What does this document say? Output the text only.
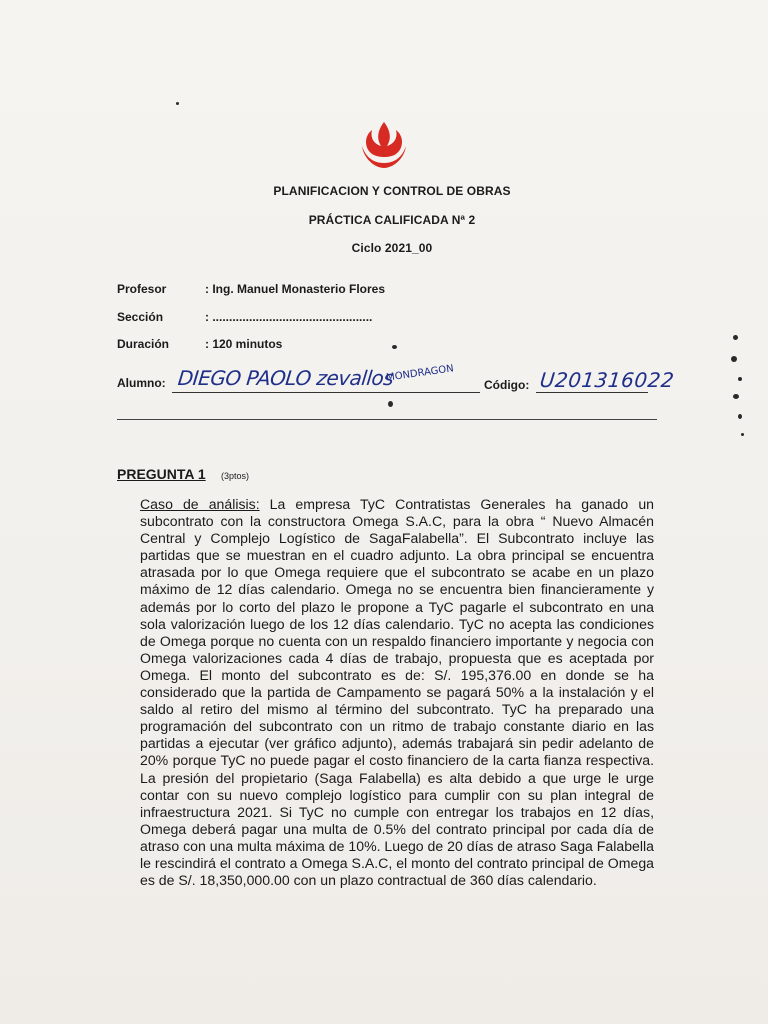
PLANIFICACION Y CONTROL DE OBRAS
PRÁCTICA CALIFICADA Nª 2
Ciclo 2021_00
Profesor	: Ing. Manuel Monasterio Flores
Sección	: ................................................
Duración	: 120 minutos
Alumno: DIEGO PAOLO zevallos
MONDRAGON
Código: U201316022
PREGUNTA 1 (3ptos)
Caso de análisis: La empresa TyC Contratistas Generales ha ganado un subcontrato con la constructora Omega S.A.C, para la obra “ Nuevo Almacén Central y Complejo Logístico de SagaFalabella”. El Subcontrato incluye las partidas que se muestran en el cuadro adjunto. La obra principal se encuentra atrasada por lo que Omega requiere que el subcontrato se acabe en un plazo máximo de 12 días calendario. Omega no se encuentra bien financieramente y además por lo corto del plazo le propone a TyC pagarle el subcontrato en una sola valorización luego de los 12 días calendario. TyC no acepta las condiciones de Omega porque no cuenta con un respaldo financiero importante y negocia con Omega valorizaciones cada 4 días de trabajo, propuesta que es aceptada por Omega. El monto del subcontrato es de: S/. 195,376.00 en donde se ha considerado que la partida de Campamento se pagará 50% a la instalación y el saldo al retiro del mismo al término del subcontrato. TyC ha preparado una programación del subcontrato con un ritmo de trabajo constante diario en las partidas a ejecutar (ver gráfico adjunto), además trabajará sin pedir adelanto de 20% porque TyC no puede pagar el costo financiero de la carta fianza respectiva. La presión del propietario (Saga Falabella) es alta debido a que urge le urge contar con su nuevo complejo logístico para cumplir con su plan integral de infraestructura 2021. Si TyC no cumple con entregar los trabajos en 12 días, Omega deberá pagar una multa de 0.5% del contrato principal por cada día de atraso con una multa máxima de 10%. Luego de 20 días de atraso Saga Falabella le rescindirá el contrato a Omega S.A.C, el monto del contrato principal de Omega es de S/. 18,350,000.00 con un plazo contractual de 360 días calendario.
